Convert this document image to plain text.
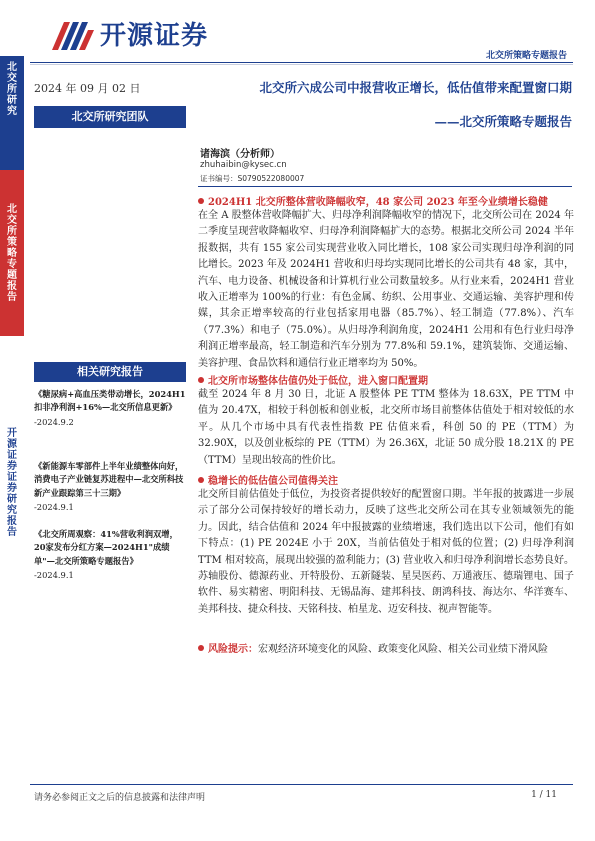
开源证券
北交所策略专题报告
北交所研究
北交所策略专题报告
开源证券 证券研究报告
2024 年 09 月 02 日
北交所研究团队
北交所六成公司中报营收正增长，低估值带来配置窗口期
——北交所策略专题报告
诸海滨（分析师）
zhuhaibin@kysec.cn
证书编号：S0790522080007
相关研究报告
《糖尿病+高血压类带动增长，2024H1扣非净利润+16%—北交所信息更新》
-2024.9.2
《新能源车零部件上半年业绩整体向好，消费电子产业链复苏进程中—北交所科技新产业跟踪第三十三期》
-2024.9.1
《北交所周观察：41%营收利润双增，20家发布分红方案—2024H1"成绩单"—北交所策略专题报告》
-2024.9.1
2024H1 北交所整体营收降幅收窄，48 家公司 2023 年至今业绩增长稳健
在全 A 股整体营收降幅扩大、归母净利润降幅收窄的情况下，北交所公司在 2024 年二季度呈现营收降幅收窄、归母净利润降幅扩大的态势。根据北交所公司 2024 半年报数据，共有 155 家公司实现营业收入同比增长，108 家公司实现归母净利润的同比增长。2023 年及 2024H1 营收和归母均实现同比增长的公司共有 48 家，其中，汽车、电力设备、机械设备和计算机行业公司数量较多。从行业来看，2024H1 营业收入正增率为 100%的行业：有色金属、纺织、公用事业、交通运输、美容护理和传媒，其余正增率较高的行业包括家用电器（85.7%）、轻工制造（77.8%）、汽车（77.3%）和电子（75.0%）。从归母净利润角度，2024H1 公用和有色行业归母净利润正增率最高，轻工制造和汽车分别为 77.8%和 59.1%，建筑装饰、交通运输、美容护理、食品饮料和通信行业正增率均为 50%。
北交所市场整体估值仍处于低位，进入窗口配置期
截至 2024 年 8 月 30 日，北证 A 股整体 PE TTM 整体为 18.63X，PE TTM 中值为 20.47X，相较于科创板和创业板，北交所市场目前整体估值处于相对较低的水平。从几个市场中具有代表性指数 PE 估值来看，科创 50 的 PE（TTM）为 32.90X，以及创业板综的 PE（TTM）为 26.36X，北证 50 成分股 18.21X 的 PE（TTM）呈现出较高的性价比。
稳增长的低估值公司值得关注
北交所目前估值处于低位，为投资者提供较好的配置窗口期。半年报的披露进一步展示了部分公司保持较好的增长动力，反映了这些北交所公司在其专业领域领先的能力。因此，结合估值和 2024 年中报披露的业绩增速，我们选出以下公司，他们有如下特点：(1) PE 2024E 小于 20X，当前估值处于相对低的位置；(2) 归母净利润 TTM 相对较高，展现出较强的盈利能力；(3) 营业收入和归母净利润增长态势良好。苏轴股份、德源药业、开特股份、五新隧装、星昊医药、万通液压、德瑞锂电、国子软件、易实精密、明阳科技、无锡晶海、建邦科技、朗鸿科技、海达尔、华洋赛车、美邦科技、捷众科技、天铭科技、柏星龙、迈安科技、视声智能等。
风险提示：宏观经济环境变化的风险、政策变化风险、相关公司业绩下滑风险
请务必参阅正文之后的信息披露和法律声明	1 / 11
